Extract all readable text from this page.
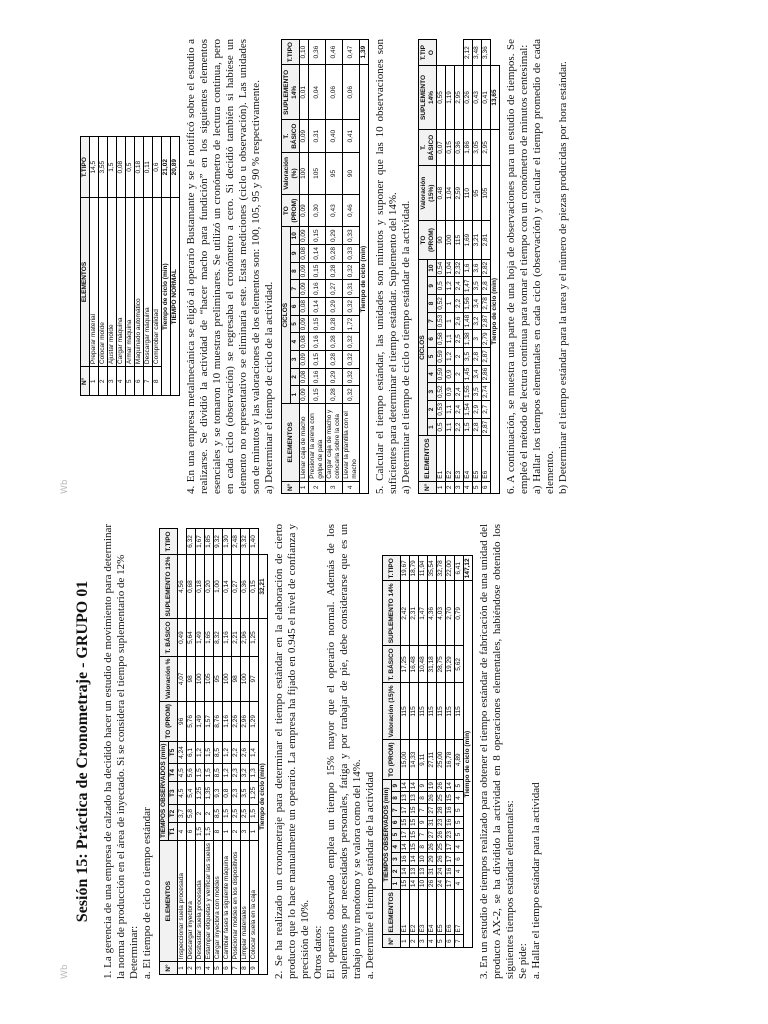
Wb
Sesión 15: Práctica de Cronometraje - GRUPO 01

1. La gerencia de una empresa de calzado ha decidido hacer un estudio de movimiento para determinar la norma de producción en el área de inyectado. Si se considera el tiempo suplementario de 12% Determinar: a. El tiempo de ciclo o tiempo estándar N°	ELEMENTOS	TIEMPOS OBSERVADOS (min)					TO (PROM)	Valoración %	T. BÁSICO	SUPLEMENTO 12%	T.TIPO
		T1	T2	T3	T4	T5					
1	Inspeccionar suela procesada	4	3,7	4,5	4,5	4,24	96	4,07	0,49	4,56	
2	Descargar inyectora	6	5,8	5,4	5,6	6,1	5,76	98	5,64	0,68	6,32
3	Desbastar suela procesada	1,5	2	1,25	1,5	1,2	1,49	100	1,49	0,18	1,67
4	Estampar etiquetas y verificar las suelas	1,5	2	1,35	1,5	1,5	1,57	105	1,65	0,20	1,85
5	Cargar inyectora con moldes	8	8,5	9,3	8,5	8,5	8,76	95	8,32	1,00	9,32
6	Cambiar fases la siguiente máquina	1	1,5	0,8	1,2	1,2	1,16	100	1,16	0,14	1,30
7	Posicionar moldes en los dispositivos	2	2,5	2,3	2,3	2,2	2,26	98	2,21	0,27	2,48
8	Limpiar materiales	3	2,5	3,5	3,2	2,6	2,96	100	2,96	0,36	3,32
9	Colocar suela en la caja	1	1,5	1,25	1,3	1,4	1,29	97	1,25	0,15	1,40
Tiempo de ciclo (min)										32,21	

2. Se ha realizado un cronometraje para determinar el tiempo estándar en la elaboración de cierto producto que lo hace manualmente un operario. La empresa ha fijado en 0.945 el nivel de confianza y precisión de 10%. Otros datos: El operario observado emplea un tiempo 15% mayor que el operario normal. Además de los suplementos por necesidades personales, fatiga y por trabajar de pie, debe considerarse que es un trabajo muy monótono y se valora como del 14%. a. Determine el tiempo estándar de la actividad N°	ELEMENTOS	TIEMPOS OBSERVADOS (min)									TO (PROM)	Valoración (15)%	T. BÁSICO	SUPLEMENTO 14%	T.TIPO
		1	2	3	4	5	6	7	8	9					
1	E1	15	14	16	14	17	15	17	13	14	15,00	115	17,25	2,42	19,67
2	E2	14	13	14	15	15	15	15	13	14	14,33	115	16,48	2,31	18,79
3	E3	10	13	10	8	7	9	7	8	9	9,11	115	10,48	1,47	11,94
4	E4	26	31	29	26	27	31	27	26	19	27,11	115	31,18	4,36	35,54
5	E5	24	24	26	25	26	23	28	25	26	25,00	115	28,75	4,03	32,78
6	E6	17	16	17	17	23	16	16	15	14	16,78	115	19,29	2,70	22,00
7	E7	4	4	6	4	5	5	5	4	5	4,89	115	5,62	0,79	6,41
Tiempo de ciclo (min)															147,12

3. En un estudio de tiempos realizado para obtener el tiempo estándar de fabricación de una unidad del producto AX-2, se ha dividido la actividad en 8 operaciones elementales, habiéndose obtenido los siguientes tiempos estándar elementales: Se pide: a. Hallar el tiempo estándar para la actividad

Wb
N°	ELEMENTOS	T.TIPO
1	Preparar material	14,5
2	Colocar molde	3,55
3	Ajustar molde	1,5
4	Cargar máquina	0,08
5	Armar máquina	0,5
6	Maquinado automático	0,18
7	Descargar máquina	0,11
8	Comprobar calidad	0,6
Tiempo de ciclo (min)		21,02
TIEMPO NORMAL		20,89

4. En una empresa metalmecánica se eligió al operario Bustamante y se le notificó sobre el estudio a realizarse. Se dividió la actividad de “hacer macho para fundición” en los siguientes elementos esenciales y se tomaron 10 muestras preliminares. Se utilizó un cronómetro de lectura continua, pero en cada ciclo (observación) se regresaba el cronómetro a cero. Si decidió también si habíese un elemento no representativo se eliminaría este. Estas mediciones (ciclo u observación). Las unidades son de minutos y las valoraciones de los elementos son: 100, 105, 95 y 90 % respectivamente. a) Determinar el tiempo de ciclo de la actividad. N°	ELEMENTOS	CICLOS										TO (PROM)	Valoración (%)	T. BÁSICO	SUPLEMENTO 14%	T.TIPO
		1	2	3	4	5	6	7	8	9	10					
1	Llenar caja de macho	0,09	0,08	0,09	0,08	0,09	0,08	0,09	0,09	0,08	0,09	0,09	100	0,09	0,01	0,10
2	Presionar la arena con golpe de pala	0,15	0,16	0,15	0,16	0,15	0,14	0,16	0,15	0,14	0,15	0,30	105	0,31	0,04	0,36
3	Cargar caja de macho y colocarla sobre la cola	0,28	0,29	0,28	0,28	0,28	0,29	0,27	0,28	0,28	0,29	0,43	95	0,40	0,06	0,46
4	Llevar la plantilla con el macho	0,32	0,32	0,32	0,32	1,72	0,32	0,31	0,32	0,33	0,33	0,46	90	0,41	0,06	0,47
Tiempo de ciclo (min)																1,39

5. Calcular el tiempo estándar, las unidades son minutos y suponer que las 10 observaciones son suficientes para determinar el tiempo estándar. Suplemento del 14%. a) Determinar el tiempo de ciclo o tiempo estándar de la actividad. N°	ELEMENTOS	CICLOS										TO (PROM)	Valoración (15%)	T. BÁSICO	SUPLEMENTO 14%	T.TIP O
		1	2	3	4	5	6	7	8	9	10					
1	E1	0,5	0,53	0,52	0,59	0,59	0,58	0,53	0,52	0,5	0,54	90	0,48	0,07	0,55	
2	E2	1,1	1,1	0,9	0,9	1,2	1,1	1	1	1,2	1,04	100	1,04	0,15	1,19	
3	E3	2,2	2,4	2,4	2	2	2,5	2,6	2,2	2,4	2,32	115	2,59	0,36	2,95	
4	E4	1,5	1,54	1,55	1,45	3,5	1,38	1,48	1,56	1,47	1,6	1,69	110	1,86	0,26	2,12
5	E5	2,8	2,9	3,5	3,4	2,8	3	3,2	3,4	3,5	3,6	3,21	95	3,05	0,43	3,48
6	E6	2,87	2,7	2,74	2,86	2,87	2,79	2,87	2,78	2,8	2,82	2,81	105	2,95	0,41	3,36
Tiempo de ciclo (min)															13,65	

6. A continuación, se muestra una parte de una hoja de observaciones para un estudio de tiempos. Se empleó el método de lectura continua para tomar el tiempo con un cronómetro de minutos centesimal: a) Hallar los tiempos elementales en cada ciclo (observación) y calcular el tiempo promedio de cada elemento. b) Determinar el tiempo estándar para la tarea y el número de piezas producidas por hora estándar.
